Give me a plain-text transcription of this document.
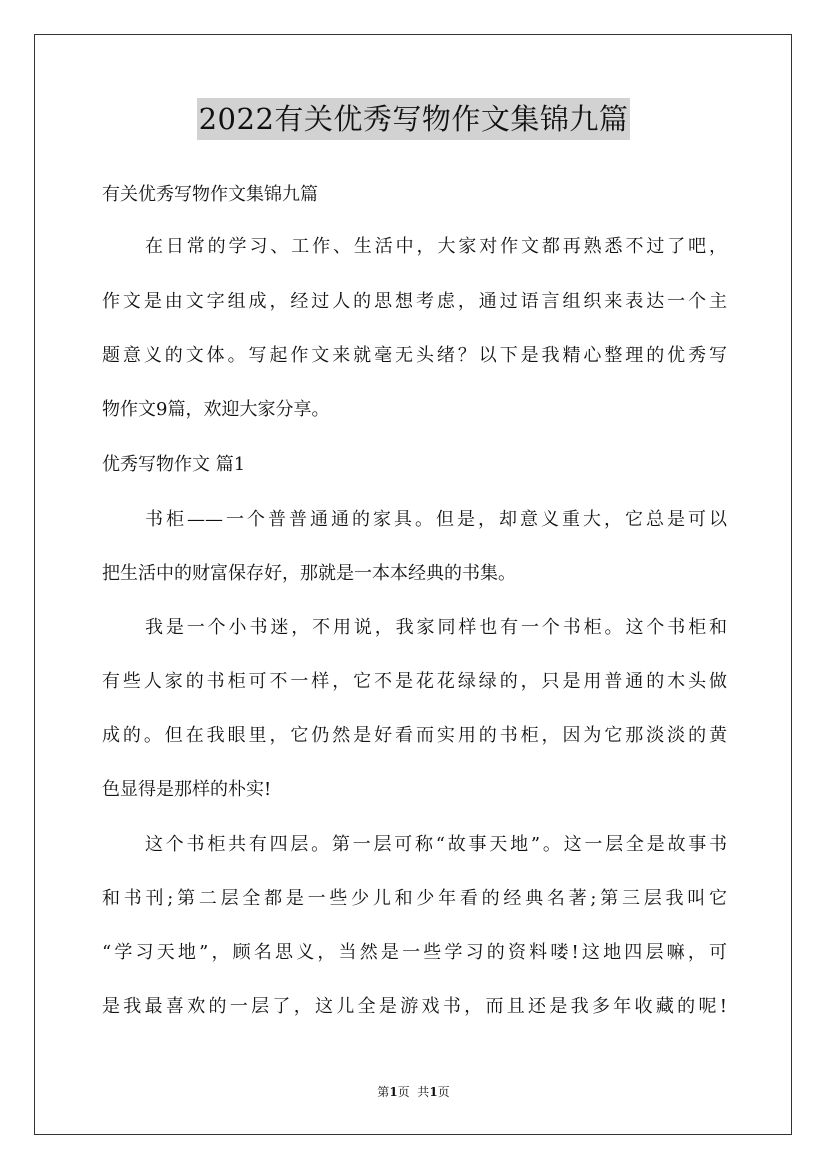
2022有关优秀写物作文集锦九篇
有关优秀写物作文集锦九篇
在日常的学习、工作、生活中，大家对作文都再熟悉不过了吧，
作文是由文字组成，经过人的思想考虑，通过语言组织来表达一个主
题意义的文体。写起作文来就毫无头绪？以下是我精心整理的优秀写
物作文9篇，欢迎大家分享。
优秀写物作文 篇1
书柜——一个普普通通的家具。但是，却意义重大，它总是可以
把生活中的财富保存好，那就是一本本经典的书集。
我是一个小书迷，不用说，我家同样也有一个书柜。这个书柜和
有些人家的书柜可不一样，它不是花花绿绿的，只是用普通的木头做
成的。但在我眼里，它仍然是好看而实用的书柜，因为它那淡淡的黄
色显得是那样的朴实!
这个书柜共有四层。第一层可称“故事天地”。这一层全是故事书
和书刊;第二层全都是一些少儿和少年看的经典名著;第三层我叫它
“学习天地”，顾名思义，当然是一些学习的资料喽!这地四层嘛，可
是我最喜欢的一层了，这儿全是游戏书，而且还是我多年收藏的呢!
第1页  共1页
